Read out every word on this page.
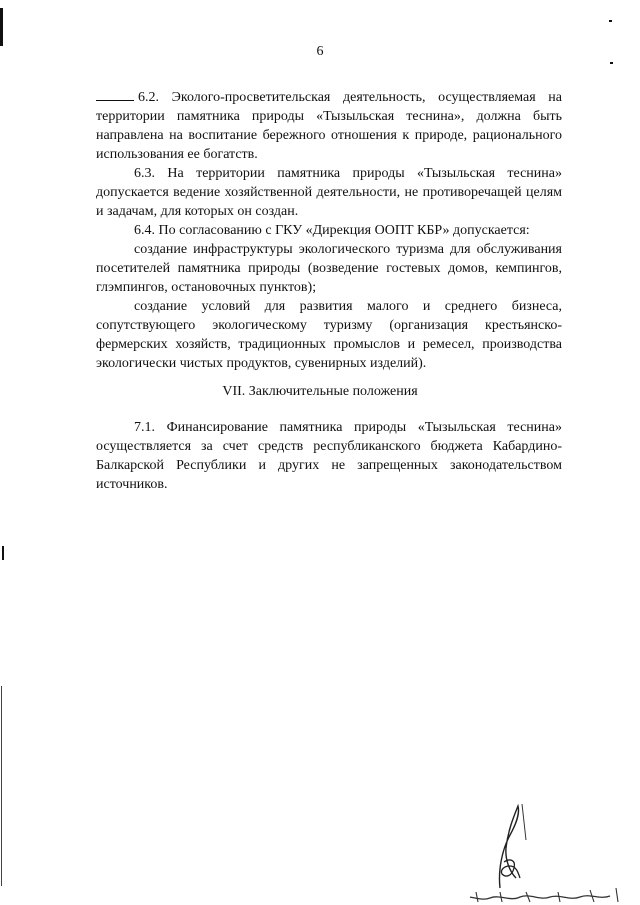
6

6.2. Эколого-просветительская деятельность, осуществляемая на территории памятника природы «Тызыльская теснина», должна быть направлена на воспитание бережного отношения к природе, рационального использования ее богатств.

6.3. На территории памятника природы «Тызыльская теснина» допускается ведение хозяйственной деятельности, не противоречащей целям и задачам, для которых он создан.

6.4. По согласованию с ГКУ «Дирекция ООПТ КБР» допускается:

создание инфраструктуры экологического туризма для обслуживания посетителей памятника природы (возведение гостевых домов, кемпингов, глэмпингов, остановочных пунктов);

создание условий для развития малого и среднего бизнеса, сопутствующего экологическому туризму (организация крестьянско-фермерских хозяйств, традиционных промыслов и ремесел, производства экологически чистых продуктов, сувенирных изделий).

VII. Заключительные положения

7.1. Финансирование памятника природы «Тызыльская теснина» осуществляется за счет средств республиканского бюджета Кабардино-Балкарской Республики и других не запрещенных законодательством источников.
